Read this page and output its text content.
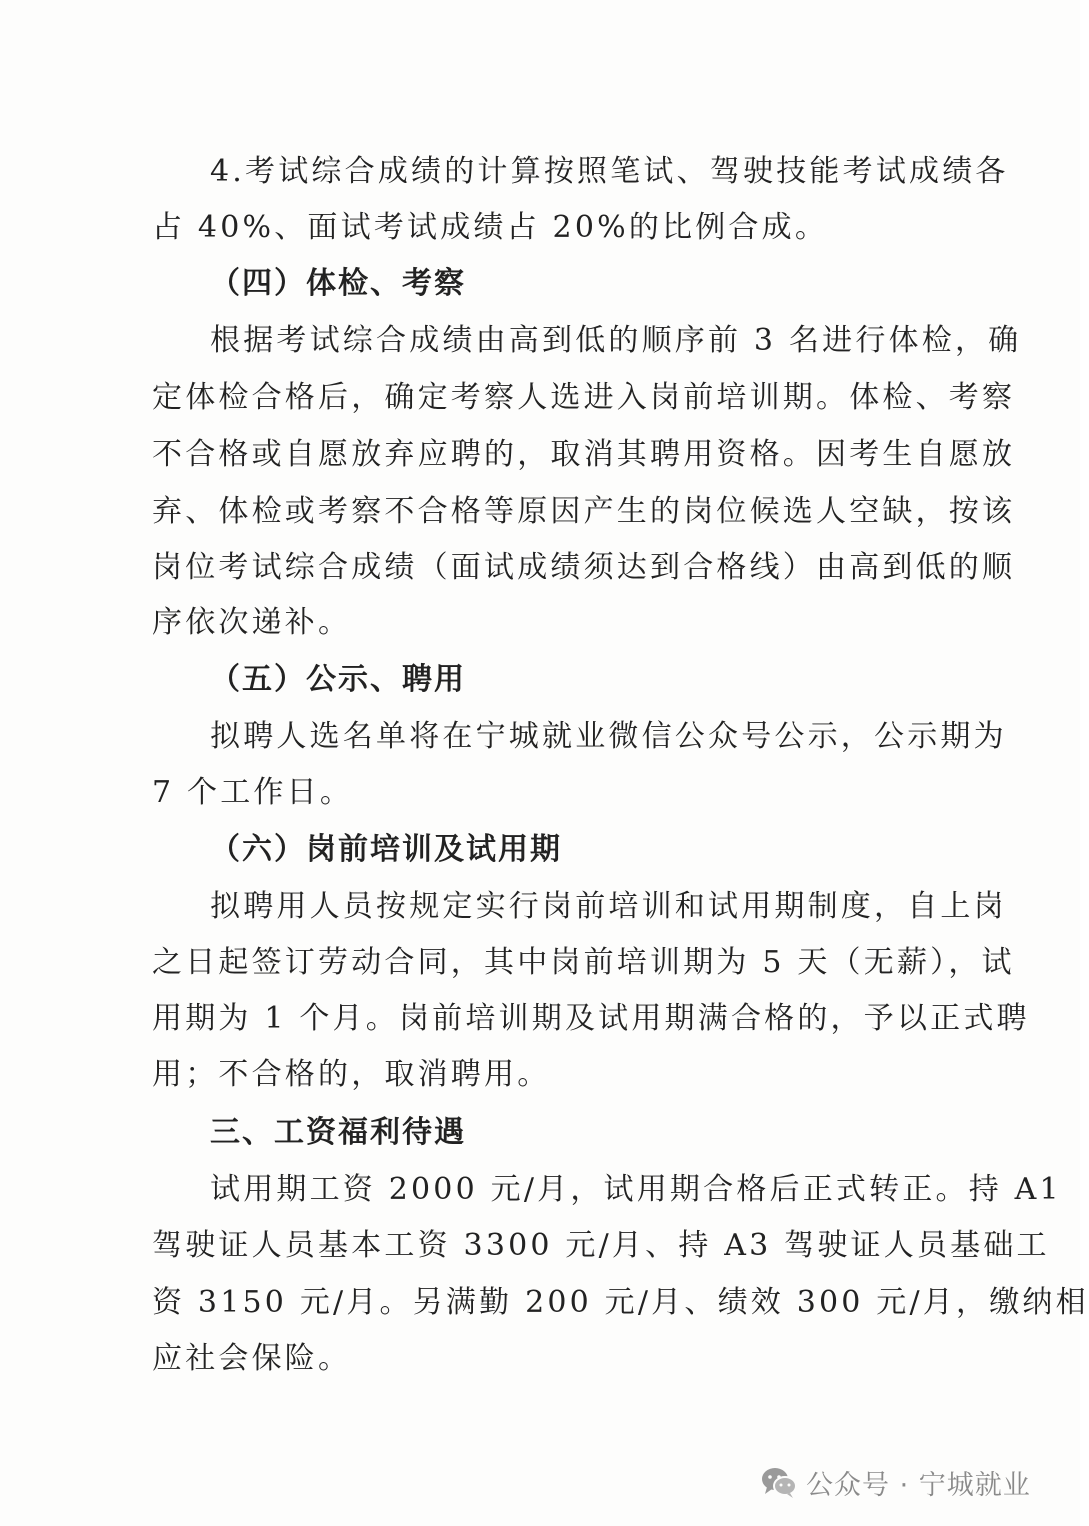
4.考试综合成绩的计算按照笔试、驾驶技能考试成绩各
占 40%、面试考试成绩占 20%的比例合成。
（四）体检、考察
根据考试综合成绩由高到低的顺序前 3 名进行体检，确
定体检合格后，确定考察人选进入岗前培训期。体检、考察
不合格或自愿放弃应聘的，取消其聘用资格。因考生自愿放
弃、体检或考察不合格等原因产生的岗位候选人空缺，按该
岗位考试综合成绩（面试成绩须达到合格线）由高到低的顺
序依次递补。
（五）公示、聘用
拟聘人选名单将在宁城就业微信公众号公示，公示期为
7 个工作日。
（六）岗前培训及试用期
拟聘用人员按规定实行岗前培训和试用期制度，自上岗
之日起签订劳动合同，其中岗前培训期为 5 天（无薪），试
用期为 1 个月。岗前培训期及试用期满合格的，予以正式聘
用；不合格的，取消聘用。
三、工资福利待遇
试用期工资 2000 元/月，试用期合格后正式转正。持 A1
驾驶证人员基本工资 3300 元/月、持 A3 驾驶证人员基础工
资 3150 元/月。另满勤 200 元/月、绩效 300 元/月，缴纳相
应社会保险。
公众号 · 宁城就业
